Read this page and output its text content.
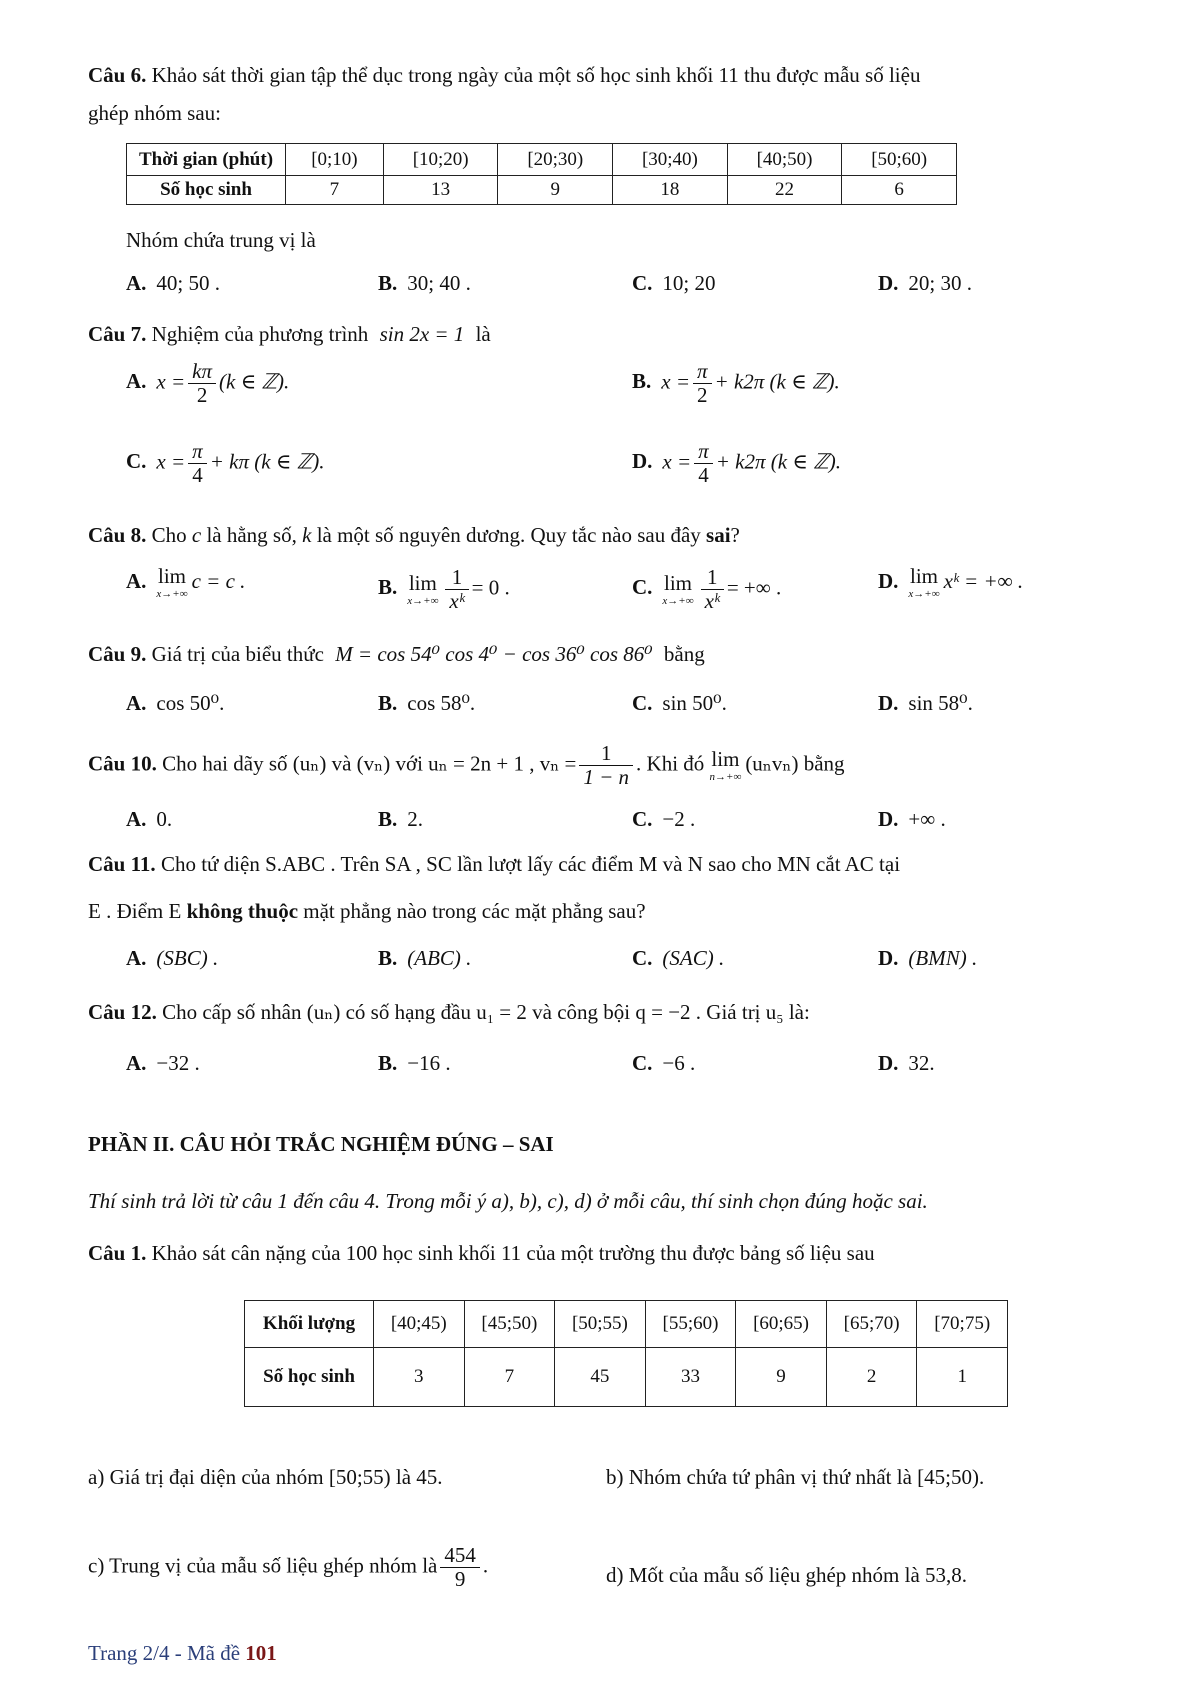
Câu 6. Khảo sát thời gian tập thể dục trong ngày của một số học sinh khối 11 thu được mẫu số liệu
ghép nhóm sau:
Thời gian (phút)	[0;10)	[10;20)	[20;30)	[30;40)	[40;50)	[50;60)
Số học sinh	7	13	9	18	22	6
Nhóm chứa trung vị là
A. 40; 50 .	B. 30; 40 .	C. 10; 20	D. 20; 30 .
Câu 7. Nghiệm của phương trình sin 2x = 1 là
A. $x = \frac{k\pi}{2} (k$ ∈ ℤ).	B. $x = \frac{\pi}{2} + k2\pi$ (k ∈ ℤ).
C. $x = \frac{\pi}{4} + k\pi$ (k ∈ ℤ).	D. $x = \frac{\pi}{4} + k2\pi$ (k ∈ ℤ).
Câu 8. Cho c là hằng số, k là một số nguyên dương. Quy tắc nào sau đây sai?
A. lim
x→+∞
c = c .	B. lim
$x\to+\infty \frac{1}{\text{xᵏ}} = 0$ .	C. lim
$x\to+\infty \frac{1}{\text{xᵏ}}$ = +∞ .	D. lim
x→+∞
xᵏ = +∞ .
Câu 9. Giá trị của biểu thức M = cos 54⁰ cos 4⁰ − cos 36⁰ cos 86⁰ bằng
A. cos 50⁰.	B. cos 58⁰.	C. sin 50⁰.	D. sin 58⁰.
Câu 10. Cho hai dãy số (uₙ) và (vₙ) với uₙ = 2n + 1 , $v_n = \frac{1}{1 - n}$ . Khi đó lim
n→+∞
(uₙvₙ) bằng
A. 0.	B. 2.	C. −2 .	D. +∞ .
Câu 11. Cho tứ diện S.ABC . Trên SA , SC lần lượt lấy các điểm M và N sao cho MN cắt AC tại
E . Điểm E không thuộc mặt phẳng nào trong các mặt phẳng sau?
A. (SBC) .	B. (ABC) .	C. (SAC) .	D. (BMN) .
Câu 12. Cho cấp số nhân (uₙ) có số hạng đầu u₁ = 2 và công bội q = −2 . Giá trị u₅ là:
A. −32 .	B. −16 .	C. −6 .	D. 32.
PHẦN II. CÂU HỎI TRẮC NGHIỆM ĐÚNG – SAI
Thí sinh trả lời từ câu 1 đến câu 4. Trong mỗi ý a), b), c), d) ở mỗi câu, thí sinh chọn đúng hoặc sai.
Câu 1. Khảo sát cân nặng của 100 học sinh khối 11 của một trường thu được bảng số liệu sau
Khối lượng	[40;45)	[45;50)	[50;55)	[55;60)	[60;65)	[65;70)	[70;75)
Số học sinh	3	7	45	33	9	2	1
a) Giá trị đại diện của nhóm [50;55) là 45.	b) Nhóm chứa tứ phân vị thứ nhất là [45;50).
c) Trung vị của mẫu số liệu ghép nhóm là $\frac{454}{9}$ .	d) Mốt của mẫu số liệu ghép nhóm là 53,8.
Trang 2/4 - Mã đề 101
